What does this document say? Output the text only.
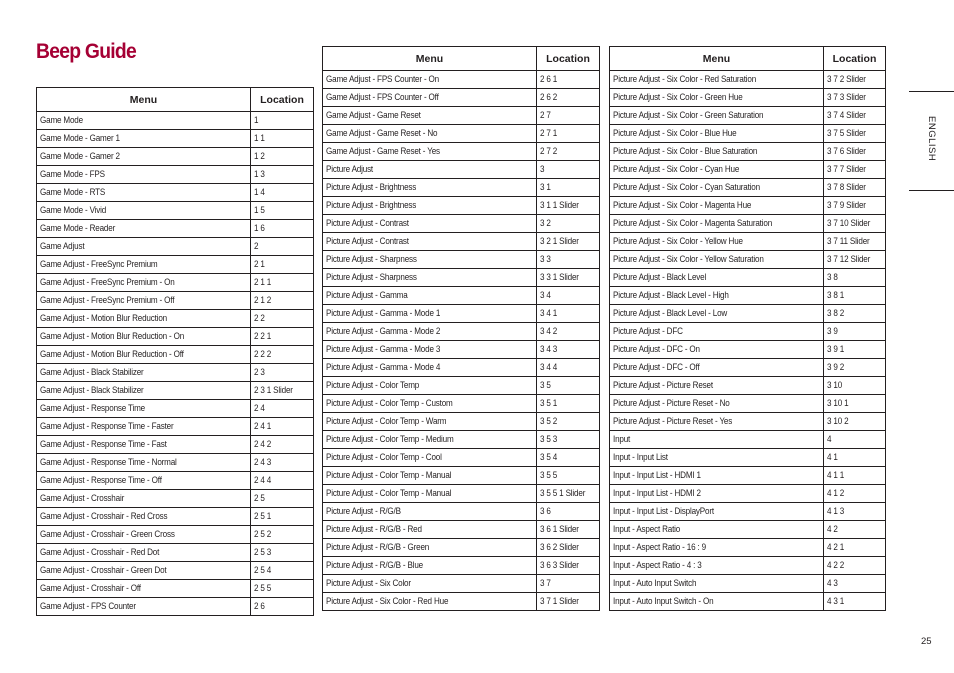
Beep Guide
Menu	Location
Game Mode	1
Game Mode - Gamer 1	1 1
Game Mode - Gamer 2	1 2
Game Mode - FPS	1 3
Game Mode - RTS	1 4
Game Mode - Vivid	1 5
Game Mode - Reader	1 6
Game Adjust	2
Game Adjust - FreeSync Premium	2 1
Game Adjust - FreeSync Premium - On	2 1 1
Game Adjust - FreeSync Premium - Off	2 1 2
Game Adjust - Motion Blur Reduction	2 2
Game Adjust - Motion Blur Reduction - On	2 2 1
Game Adjust - Motion Blur Reduction - Off	2 2 2
Game Adjust - Black Stabilizer	2 3
Game Adjust - Black Stabilizer	2 3 1 Slider
Game Adjust - Response Time	2 4
Game Adjust - Response Time - Faster	2 4 1
Game Adjust - Response Time - Fast	2 4 2
Game Adjust - Response Time - Normal	2 4 3
Game Adjust - Response Time - Off	2 4 4
Game Adjust - Crosshair	2 5
Game Adjust - Crosshair - Red Cross	2 5 1
Game Adjust - Crosshair - Green Cross	2 5 2
Game Adjust - Crosshair - Red Dot	2 5 3
Game Adjust - Crosshair - Green Dot	2 5 4
Game Adjust - Crosshair - Off	2 5 5
Game Adjust - FPS Counter	2 6
Menu	Location
Game Adjust - FPS Counter - On	2 6 1
Game Adjust - FPS Counter - Off	2 6 2
Game Adjust - Game Reset	2 7
Game Adjust - Game Reset - No	2 7 1
Game Adjust - Game Reset - Yes	2 7 2
Picture Adjust	3
Picture Adjust - Brightness	3 1
Picture Adjust - Brightness	3 1 1 Slider
Picture Adjust - Contrast	3 2
Picture Adjust - Contrast	3 2 1 Slider
Picture Adjust - Sharpness	3 3
Picture Adjust - Sharpness	3 3 1 Slider
Picture Adjust - Gamma	3 4
Picture Adjust - Gamma - Mode 1	3 4 1
Picture Adjust - Gamma - Mode 2	3 4 2
Picture Adjust - Gamma - Mode 3	3 4 3
Picture Adjust - Gamma - Mode 4	3 4 4
Picture Adjust - Color Temp	3 5
Picture Adjust - Color Temp - Custom	3 5 1
Picture Adjust - Color Temp - Warm	3 5 2
Picture Adjust - Color Temp - Medium	3 5 3
Picture Adjust - Color Temp - Cool	3 5 4
Picture Adjust - Color Temp - Manual	3 5 5
Picture Adjust - Color Temp - Manual	3 5 5 1 Slider
Picture Adjust - R/G/B	3 6
Picture Adjust - R/G/B - Red	3 6 1 Slider
Picture Adjust - R/G/B - Green	3 6 2 Slider
Picture Adjust - R/G/B - Blue	3 6 3 Slider
Picture Adjust - Six Color	3 7
Picture Adjust - Six Color - Red Hue	3 7 1 Slider
Menu	Location
Picture Adjust - Six Color - Red Saturation	3 7 2 Slider
Picture Adjust - Six Color - Green Hue	3 7 3 Slider
Picture Adjust - Six Color - Green Saturation	3 7 4 Slider
Picture Adjust - Six Color - Blue Hue	3 7 5 Slider
Picture Adjust - Six Color - Blue Saturation	3 7 6 Slider
Picture Adjust - Six Color - Cyan Hue	3 7 7 Slider
Picture Adjust - Six Color - Cyan Saturation	3 7 8 Slider
Picture Adjust - Six Color - Magenta Hue	3 7 9 Slider
Picture Adjust - Six Color - Magenta Saturation	3 7 10 Slider
Picture Adjust - Six Color - Yellow Hue	3 7 11 Slider
Picture Adjust - Six Color - Yellow Saturation	3 7 12 Slider
Picture Adjust - Black Level	3 8
Picture Adjust - Black Level - High	3 8 1
Picture Adjust - Black Level - Low	3 8 2
Picture Adjust - DFC	3 9
Picture Adjust - DFC - On	3 9 1
Picture Adjust - DFC - Off	3 9 2
Picture Adjust - Picture Reset	3 10
Picture Adjust - Picture Reset - No	3 10 1
Picture Adjust - Picture Reset - Yes	3 10 2
Input	4
Input - Input List	4 1
Input - Input List - HDMI 1	4 1 1
Input - Input List - HDMI 2	4 1 2
Input - Input List - DisplayPort	4 1 3
Input - Aspect Ratio	4 2
Input - Aspect Ratio - 16 : 9	4 2 1
Input - Aspect Ratio - 4 : 3	4 2 2
Input - Auto Input Switch	4 3
Input - Auto Input Switch - On	4 3 1
ENGLISH
25
